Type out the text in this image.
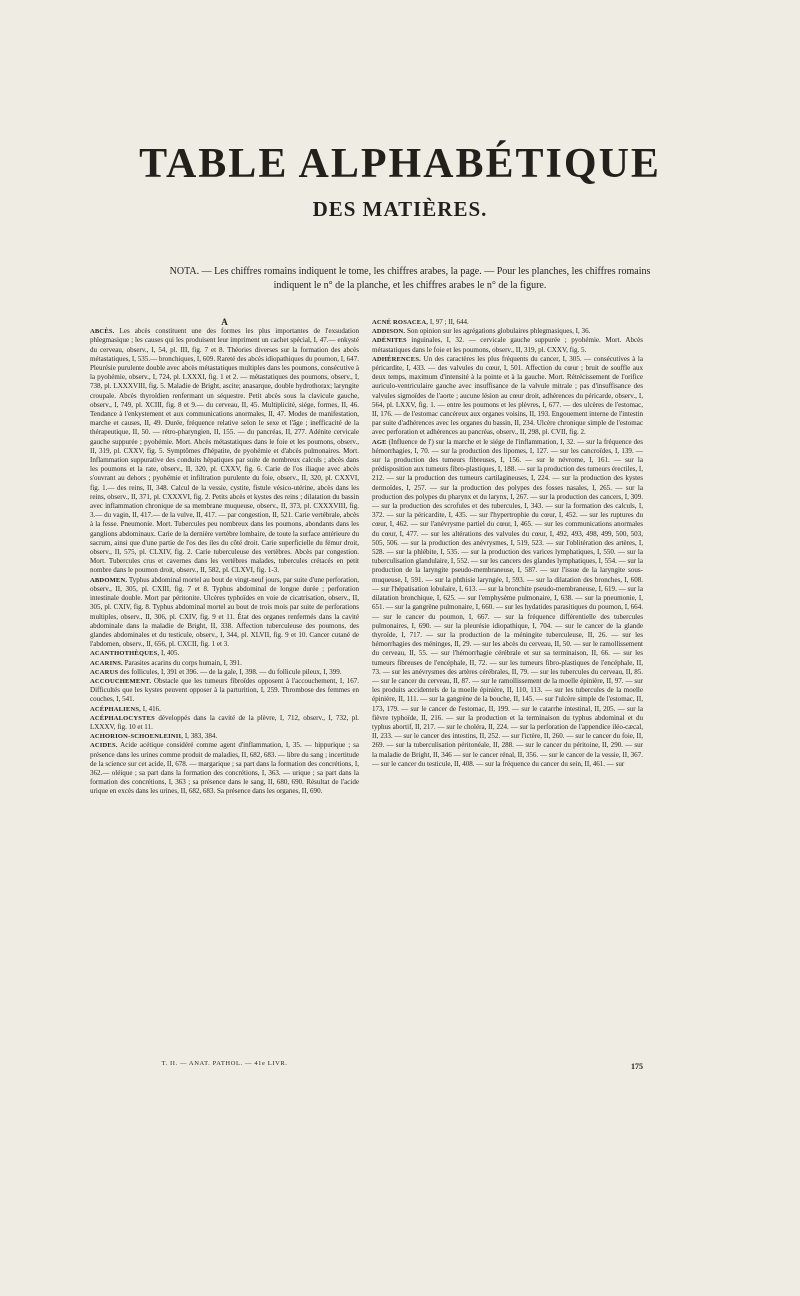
TABLE ALPHABÉTIQUE
DES MATIÈRES.

NOTA. — Les chiffres romains indiquent le tome, les chiffres arabes, la page. — Pour les planches, les chiffres romains indiquent le n° de la planche, et les chiffres arabes le n° de la figure.

A

ABCÈS. Les abcès constituent une des formes les plus importantes de l'exsudation phlegmasique ; les causes qui les produisent leur impriment un cachet spécial, I, 47.— enkysté du cerveau, observ., I, 54, pl. III, fig. 7 et 8. Théories diverses sur la formation des abcès métastatiques, I, 535.— bronchiques, I, 609. Rareté des abcès idiopathiques du poumon, I, 647. Pleurésie purulente double avec abcès métastatiques multiples dans les poumons, consécutive à la pyohémie, observ., I, 724, pl. LXXXI, fig. 1 et 2. — métastatiques des poumons, observ., I, 738, pl. LXXXVIII, fig. 5. Maladie de Bright, ascite; anasarque, double hydrothorax; laryngite croupale. Abcès thyroïdien renfermant un séquestre. Petit abcès sous la clavicule gauche, observ., I, 749, pl. XCIII, fig. 8 et 9.— du cerveau, II, 45. Multiplicité, siége, formes, II, 46. Tendance à l'enkystement et aux communications anormales, II, 47. Modes de manifestation, marche et causes, II, 49. Durée, fréquence relative selon le sexe et l'âge ; inefficacité de la thérapeutique, II, 50. — rétro-pharyngien, II, 155. — du pancréas, II, 277. Adénite cervicale gauche suppurée ; pyohémie. Mort. Abcès métastatiques dans le foie et les poumons, observ., II, 319, pl. CXXV, fig. 5. Symptômes d'hépatite, de pyohémie et d'abcès pulmonaires. Mort. Inflammation suppurative des conduits hépatiques par suite de nombreux calculs ; abcès dans les poumons et la rate, observ., II, 320, pl. CXXV, fig. 6. Carie de l'os iliaque avec abcès s'ouvrant au dehors ; pyohémie et infiltration purulente du foie, observ., II, 320, pl. CXXVI, fig. 1.— des reins, II, 348. Calcul de la vessie, cystite, fistule vésico-utérine, abcès dans les reins, observ., II, 371, pl. CXXXVI, fig. 2. Petits abcès et kystes des reins ; dilatation du bassin avec inflammation chronique de sa membrane muqueuse, observ., II, 373, pl. CXXXVIII, fig. 3.— du vagin, II, 417.— de la vulve, II, 417. — par congestion, II, 521. Carie vertébrale, abcès à la fesse. Pneumonie. Mort. Tubercules peu nombreux dans les poumons, abondants dans les ganglions abdominaux. Carie de la dernière vertèbre lombaire, de toute la surface antérieure du sacrum, ainsi que d'une partie de l'os des iles du côté droit. Carie superficielle du fémur droit, observ., II, 575, pl. CLXIV, fig. 2. Carie tuberculeuse des vertèbres. Abcès par congestion. Mort. Tubercules crus et cavernes dans les vertèbres malades, tubercules crétacés en petit nombre dans le poumon droit, observ., II, 582, pl. CLXVI, fig. 1-3.

ABDOMEN. Typhus abdominal mortel au bout de vingt-neuf jours, par suite d'une perforation, observ., II, 305, pl. CXIII, fig. 7 et 8. Typhus abdominal de longue durée ; perforation intestinale double. Mort par péritonite. Ulcères typhoïdes en voie de cicatrisation, observ., II, 305, pl. CXIV, fig. 8. Typhus abdominal mortel au bout de trois mois par suite de perforations multiples, observ., II, 306, pl. CXIV, fig. 9 et 11. État des organes renfermés dans la cavité abdominale dans la maladie de Bright, II, 338. Affection tuberculeuse des poumons, des glandes abdominales et du testicule, observ., I, 344, pl. XLVII, fig. 9 et 10. Cancer cutané de l'abdomen, observ., II, 656, pl. CXCII, fig. 1 et 3.

ACANTHOTHÈQUES, I, 405.

ACARINS. Parasites acarins du corps humain, I, 391.

ACARUS des follicules, I, 391 et 396. — de la gale, I, 398. — du follicule pileux, I, 399.

ACCOUCHEMENT. Obstacle que les tumeurs fibroïdes opposent à l'accouchement, I, 167. Difficultés que les kystes peuvent opposer à la parturition, I, 259. Thrombose des femmes en couches, I, 541.

ACÉPHALIENS, I, 416.

ACÉPHALOCYSTES développés dans la cavité de la plèvre, I, 712, observ., I, 732, pl. LXXXV, fig. 10 et 11.

ACHORION-SCHOENLEINII, I, 383, 384.

ACIDES. Acide acétique considéré comme agent d'inflammation, I, 35. — hippurique ; sa présence dans les urines comme produit de maladies, II, 682, 683. — libre du sang ; incertitude de la science sur cet acide, II, 678. — margarique ; sa part dans la formation des concrétions, I, 362.— oléique ; sa part dans la formation des concrétions, I, 363. — urique ; sa part dans la formation des concrétions, I, 363 ; sa présence dans le sang, II, 680, 690. Résultat de l'acide urique en excès dans les urines, II, 682, 683. Sa présence dans les organes, II, 690.

ACNÉ ROSACEA, I, 97 ; II, 644.

ADDISON. Son opinion sur les agrégations globulaires phlegmasiques, I, 36.

ADÉNITES inguinales, I, 32. — cervicale gauche suppurée ; pyohémie. Mort. Abcès métastatiques dans le foie et les poumons, observ., II, 319, pl. CXXV, fig. 5.

ADHÉRENCES. Un des caractères les plus fréquents du cancer, I, 305. — consécutives à la péricardite, I, 433. — des valvules du cœur, I, 501. Affection du cœur ; bruit de souffle aux deux temps, maximum d'intensité à la pointe et à la gauche. Mort. Rétrécissement de l'orifice auriculo-ventriculaire gauche avec insuffisance de la valvule mitrale ; pas d'insuffisance des valvules sigmoïdes de l'aorte ; aucune lésion au cœur droit, adhérences du péricarde, observ., I, 564, pl. LXXV, fig. 1. — entre les poumons et les plèvres, I, 677. — des ulcères de l'estomac, II, 176. — de l'estomac cancéreux aux organes voisins, II, 193. Engouement interne de l'intestin par suite d'adhérences avec les organes du bassin, II, 234. Ulcère chronique simple de l'estomac avec perforation et adhérences au pancréas, observ., II, 298, pl. CVII, fig. 2.

AGE (Influence de l') sur la marche et le siége de l'inflammation, I, 32. — sur la fréquence des hémorrhagies, I, 70. — sur la production des lipomes, I, 127. — sur les cancroïdes, I, 139. — sur la production des tumeurs fibreuses, I, 156. — sur le névrome, I, 161. — sur la prédisposition aux tumeurs fibro-plastiques, I, 188. — sur la production des tumeurs érectiles, I, 212. — sur la production des tumeurs cartilagineuses, I, 224. — sur la production des kystes dermoïdes, I, 257. — sur la production des polypes des fosses nasales, I, 265. — sur la production des polypes du pharynx et du larynx, I, 267. — sur la production des cancers, I, 309. — sur la production des scrofules et des tubercules, I, 343. — sur la formation des calculs, I, 372. — sur la péricardite, I, 435. — sur l'hypertrophie du cœur, I, 452. — sur les ruptures du cœur, I, 462. — sur l'anévrysme partiel du cœur, I, 465. — sur les communications anormales du cœur, I, 477. — sur les altérations des valvules du cœur, I, 492, 493, 498, 499, 500, 503, 505, 506. — sur la production des anévrysmes, I, 519, 523. — sur l'oblitération des artères, I, 528. — sur la phlébite, I, 535. — sur la production des varices lymphatiques, I, 550. — sur la tuberculisation glandulaire, I, 552. — sur les cancers des glandes lymphatiques, I, 554. — sur la production de la laryngite pseudo-membraneuse, I, 587. — sur l'issue de la laryngite sous-muqueuse, I, 591. — sur la phthisie laryngée, I, 593. — sur la dilatation des bronches, I, 608. — sur l'hépatisation lobulaire, I, 613. — sur la bronchite pseudo-membraneuse, I, 619. — sur la dilatation bronchique, I, 625. — sur l'emphysème pulmonaire, I, 638. — sur la pneumonie, I, 651. — sur la gangrène pulmonaire, I, 660. — sur les hydatides parasitiques du poumon, I, 664. — sur le cancer du poumon, I, 667. — sur la fréquence différentielle des tubercules pulmonaires, I, 690. — sur la pleurésie idiopathique, I, 704. — sur le cancer de la glande thyroïde, I, 717. — sur la production de la méningite tuberculeuse, II, 26. — sur les hémorrhagies des méninges, II, 29. — sur les abcès du cerveau, II, 50. — sur le ramollissement du cerveau, II, 55. — sur l'hémorrhagie cérébrale et sur sa terminaison, II, 66. — sur les tumeurs fibreuses de l'encéphale, II, 72. — sur les tumeurs fibro-plastiques de l'encéphale, II, 73. — sur les anévrysmes des artères cérébrales, II, 79. — sur les tubercules du cerveau, II, 85. — sur le cancer du cerveau, II, 87. — sur le ramollissement de la moelle épinière, II, 97. — sur les produits accidentels de la moelle épinière, II, 110, 113. — sur les tubercules de la moelle épinière, II, 111. — sur la gangrène de la bouche, II, 145. — sur l'ulcère simple de l'estomac, II, 173, 179. — sur le cancer de l'estomac, II, 199. — sur le catarrhe intestinal, II, 205. — sur la fièvre typhoïde, II, 216. — sur la production et la terminaison du typhus abdominal et du typhus abortif, II, 217. — sur le choléra, II, 224. — sur la perforation de l'appendice iléo-cæcal, II, 233. — sur le cancer des intestins, II, 252. — sur l'ictère, II, 260. — sur le cancer du foie, II, 269. — sur la tuberculisation péritonéale, II, 288. — sur le cancer du péritoine, II, 290. — sur la maladie de Bright, II, 346 — sur le cancer rénal, II, 356. — sur le cancer de la vessie, II, 367. — sur le cancer du testicule, II, 408. — sur la fréquence du cancer du sein, II, 461. — sur

T. II. — ANAT. PATHOL. — 41e LIVR.	175
